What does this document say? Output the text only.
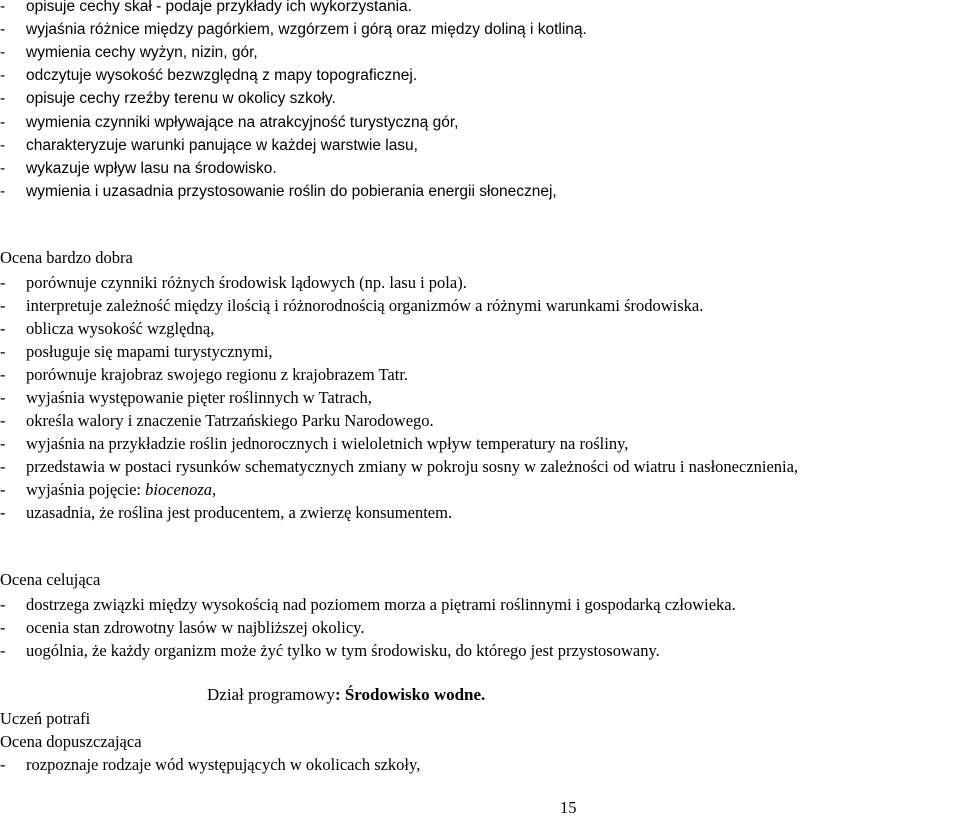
- opisuje cechy skał - podaje przykłady ich wykorzystania.
- wyjaśnia różnice między pagórkiem, wzgórzem i górą oraz między doliną i kotliną.
- wymienia cechy wyżyn, nizin, gór,
- odczytuje wysokość bezwzględną z mapy topograficznej.
- opisuje cechy rzeźby terenu w okolicy szkoły.
- wymienia czynniki wpływające na atrakcyjność turystyczną gór,
- charakteryzuje warunki panujące w każdej warstwie lasu,
- wykazuje wpływ lasu na środowisko.
- wymienia i uzasadnia przystosowanie roślin do pobierania energii słonecznej,
Ocena bardzo dobra
- porównuje czynniki różnych środowisk lądowych (np. lasu i pola).
- interpretuje zależność między ilością i różnorodnością organizmów a różnymi warunkami środowiska.
- oblicza wysokość względną,
- posługuje się mapami turystycznymi,
- porównuje krajobraz swojego regionu z krajobrazem Tatr.
- wyjaśnia występowanie pięter roślinnych w Tatrach,
- określa walory i znaczenie Tatrzańskiego Parku Narodowego.
- wyjaśnia na przykładzie roślin jednorocznych i wieloletnich wpływ temperatury na rośliny,
- przedstawia w postaci rysunków schematycznych zmiany w pokroju sosny w zależności od wiatru i nasłonecznienia,
- wyjaśnia pojęcie: biocenoza,
- uzasadnia, że roślina jest producentem, a zwierzę konsumentem.
Ocena celująca
- dostrzega związki między wysokością nad poziomem morza a piętrami roślinnymi i gospodarką człowieka.
- ocenia stan zdrowotny lasów w najbliższej okolicy.
- uogólnia, że każdy organizm może żyć tylko w tym środowisku, do którego jest przystosowany.
Dział programowy: Środowisko wodne.
Uczeń potrafi
Ocena dopuszczająca
- rozpoznaje rodzaje wód występujących w okolicach szkoły,
15
